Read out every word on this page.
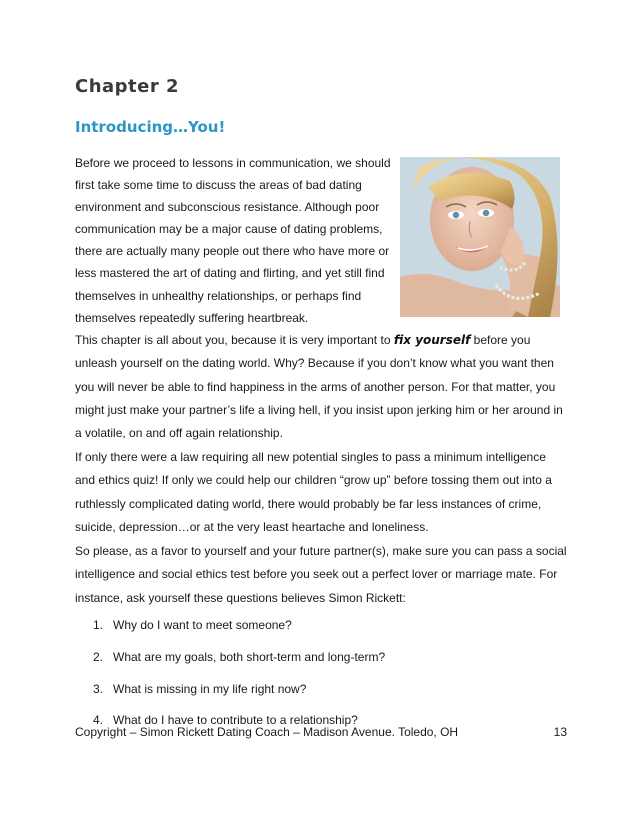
Chapter 2
Introducing…You!

Before we proceed to lessons in communication, we should
first take some time to discuss the areas of bad dating
environment and subconscious resistance. Although poor
communication may be a major cause of dating problems,
there are actually many people out there who have more or
less mastered the art of dating and flirting, and yet still find
themselves in unhealthy relationships, or perhaps find
themselves repeatedly suffering heartbreak.

This chapter is all about you, because it is very important to fix yourself before you unleash yourself on the dating world. Why? Because if you don’t know what you want then you will never be able to find happiness in the arms of another person. For that matter, you might just make your partner’s life a living hell, if you insist upon jerking him or her around in a volatile, on and off again relationship.

If only there were a law requiring all new potential singles to pass a minimum intelligence and ethics quiz! If only we could help our children “grow up” before tossing them out into a ruthlessly complicated dating world, there would probably be far less instances of crime, suicide, depression…or at the very least heartache and loneliness.

So please, as a favor to yourself and your future partner(s), make sure you can pass a social intelligence and social ethics test before you seek out a perfect lover or marriage mate. For instance, ask yourself these questions believes Simon Rickett:

1. Why do I want to meet someone?
2. What are my goals, both short-term and long-term?
3. What is missing in my life right now?
4. What do I have to contribute to a relationship?
Copyright – Simon Rickett Dating Coach – Madison Avenue. Toledo, OH	13
